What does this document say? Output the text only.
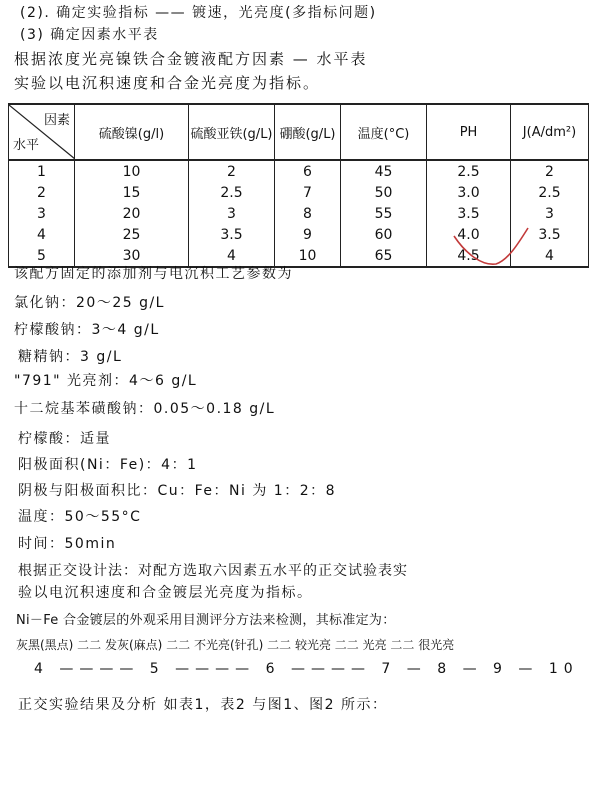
(2). 确定实验指标 —— 镀速，光亮度(多指标问题)
(3) 确定因素水平表
根据浓度光亮镍铁合金镀液配方因素 — 水平表
实验以电沉积速度和合金光亮度为指标。
因素
水平	硫酸镍(g/l)	硫酸亚铁(g/L)	硼酸(g/L)	温度(°C)	PH	J(A/dm²)
1	10	2	6	45	2.5	2
2	15	2.5	7	50	3.0	2.5
3	20	3	8	55	3.5	3
4	25	3.5	9	60	4.0	3.5
5	30	4	10	65	4.5	4
该配方固定的添加剂与电沉积工艺参数为
氯化钠：20～25 g/L
柠檬酸钠：3～4 g/L
糖精钠：3 g/L
"791" 光亮剂：4～6 g/L
十二烷基苯磺酸钠：0.05～0.18 g/L
柠檬酸：适量
阳极面积(Ni：Fe)：4：1
阴极与阳极面积比：Cu：Fe：Ni 为 1：2：8
温度：50～55°C
时间：50min
根据正交设计法：对配方选取六因素五水平的正交试验表实
验以电沉积速度和合金镀层光亮度为指标。
Ni－Fe 合金镀层的外观采用目测评分方法来检测，其标准定为：
灰黑(黑点) 二二 发灰(麻点) 二二 不光亮(针孔) 二二 较光亮 二二 光亮 二二 很光亮
4 ———— 5 ———— 6 ———— 7 — 8 — 9 — 10
正交实验结果及分析 如表1，表2 与图1、图2 所示：
